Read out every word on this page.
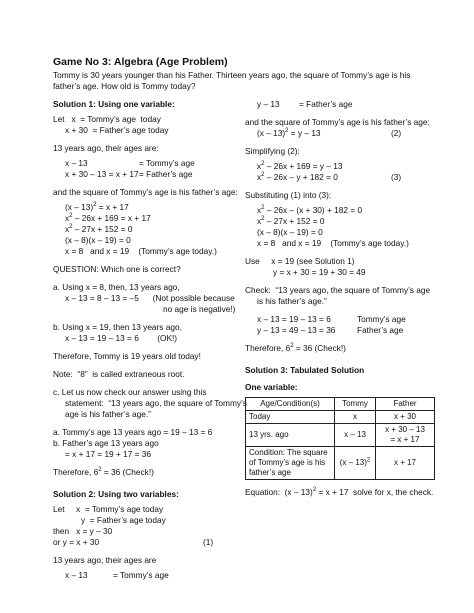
Game No 3: Algebra (Age Problem)
Tommy is 30 years younger than his Father. Thirteen years ago, the square of Tommy’s age is his father’s age. How old is Tommy today?
Solution 1: Using one variable:
Let   x  = Tommy’s age  today
x + 30  = Father’s age today
13 years ago, their ages are:
x – 13	= Tommy’s age
x + 30 – 13 = x + 17 = Father’s age
and the square of Tommy’s age is his father’s age:
(x – 13)$^2$ = x + 17
$x^2 - 26x + 169 = x + 17$
$x^2 - 27x + 152 = 0$
(x – 8)(x – 19) = 0
x = 8   and x = 19    (Tommy’s age today.)
QUESTION: Which one is correct?
a. Using x = 8, then, 13 years ago,
x – 13 = 8 – 13 = –5      (Not possible because
no age is negative!)
b. Using x = 19, then 13 years ago,
x – 13 = 19 – 13 = 6        (OK!)
Therefore, Tommy is 19 years old today!
Note:  “8”  is called extraneous root.
c. Let us now check our answer using this
statement:  “13 years ago, the square of Tommy’s
age is his father’s age.”
a. Tommy’s age 13 years ago = 19 – 13 = 6
b. Father’s age 13 years ago
= x + 17 = 19 + 17 = 36
Therefore, $6^2 = 36$ (Check!)
Solution 2: Using two variables:
Let     x  = Tommy’s age today
y  = Father’s age today
then   x = y – 30
or y = x + 30	(1)
13 years ago, their ages are
x – 13	= Tommy’s age
y – 13 = Father’s age
and the square of Tommy’s age is his father’s age:
(x – 13)$^2$ = y – 13	(2)
Simplifying (2):
$x^2 - 26x + 169 = y - 13$
$x^2 - 26x - y + 182 = 0$	(3)
Substituting (1) into (3):
$x^2 - 26x - (x + 30) + 182 = 0$
$x^2 - 27x + 152 = 0$
(x – 8)(x – 19) = 0
x = 8   and x = 19    (Tommy’s age today.)
Use     x = 19 (see Solution 1)
y = x + 30 = 19 + 30 = 49
Check:  “13 years ago, the square of Tommy’s age
is his father’s age.”
x – 13 = 19 – 13 = 6	Tommy’s age
y – 13 = 49 – 13 = 36	Father’s age
Therefore, $6^2 = 36$ (Check!)
Solution 3: Tabulated Solution
One variable:
Age/Condition(s)	Tommy	Father
Today	x	x + 30
13 yrs. ago	x – 13	x + 30 – 13
= x + 17

Condition: The square of Tommy’s age is his father’s age	(x – 13)$^2$	x + 17
Equation:  (x – 13)$^2$ = x + 17  solve for x, the check.
